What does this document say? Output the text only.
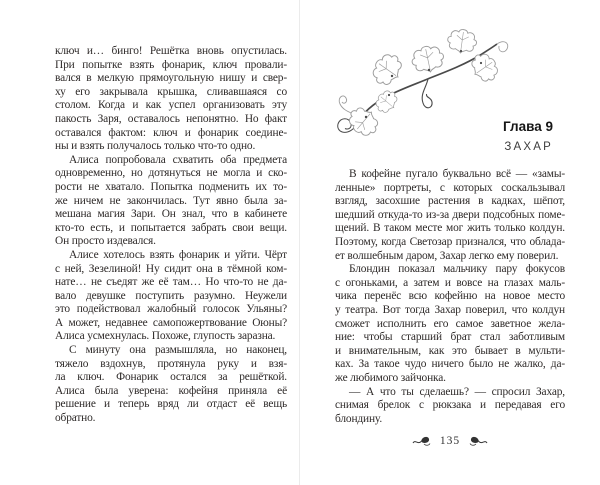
ключ и… бинго! Решётка вновь опустилась.
При попытке взять фонарик, ключ провали-
вался в мелкую прямоугольную нишу и свер-
ху его закрывала крышка, сливавшаяся со
столом. Когда и как успел организовать эту
пакость Заря, оставалось непонятно. Но факт
оставался фактом: ключ и фонарик соедине-
ны и взять получалось только что-то одно.
Алиса попробовала схватить оба предмета
одновременно, но дотянуться не могла и ско-
рости не хватало. Попытка подменить их то-
же ничем не закончилась. Тут явно была за-
мешана магия Зари. Он знал, что в кабинете
кто-то есть, и попытается забрать свои вещи.
Он просто издевался.
Алисе хотелось взять фонарик и уйти. Чёрт
с ней, Зезелиной! Ну сидит она в тёмной ком-
нате… не съедят же её там… Но что-то не да-
вало девушке поступить разумно. Неужели
это подействовал жалобный голосок Ульяны?
А может, недавнее самопожертвование Оюны?
Алиса усмехнулась. Похоже, глупость заразна.
С минуту она размышляла, но наконец,
тяжело вздохнув, протянула руку и взя-
ла ключ. Фонарик остался за решёткой.
Алиса была уверена: кофейня приняла её
решение и теперь вряд ли отдаст её вещь
обратно.
Глава 9
ЗАХАР
В кофейне пугало буквально всё — «замы-
ленные» портреты, с которых соскальзывал
взгляд, засохшие растения в кадках, шёпот,
шедший откуда-то из-за двери подсобных поме-
щений. В таком месте мог жить только колдун.
Поэтому, когда Светозар признался, что облада-
ет волшебным даром, Захар легко ему поверил.
Блондин показал мальчику пару фокусов
с огоньками, а затем и вовсе на глазах маль-
чика перенёс всю кофейню на новое место
у театра. Вот тогда Захар поверил, что колдун
сможет исполнить его самое заветное жела-
ние: чтобы старший брат стал заботливым
и внимательным, как это бывает в мульти-
ках. За такое чудо ничего было не жалко, да-
же любимого зайчонка.
— А что ты сделаешь? — спросил Захар,
снимая брелок с рюкзака и передавая его
блондину.
135
